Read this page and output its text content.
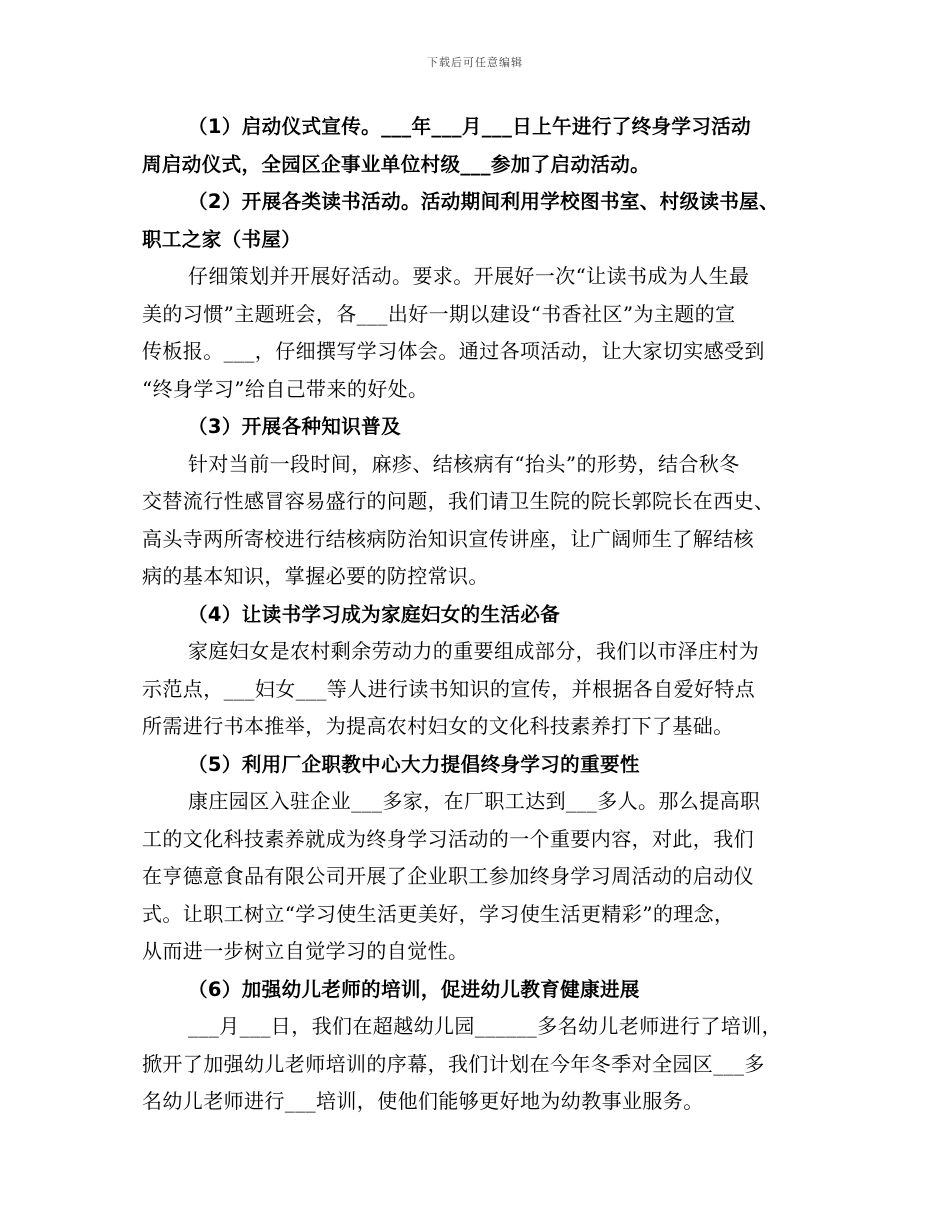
下载后可任意编辑
（1）启动仪式宣传。___年___月___日上午进行了终身学习活动
周启动仪式，全园区企事业单位村级___参加了启动活动。
（2）开展各类读书活动。活动期间利用学校图书室、村级读书屋、
职工之家（书屋）
仔细策划并开展好活动。要求。开展好一次“让读书成为人生最
美的习惯”主题班会，各___出好一期以建设“书香社区”为主题的宣
传板报。___，仔细撰写学习体会。通过各项活动，让大家切实感受到
“终身学习”给自己带来的好处。
（3）开展各种知识普及
针对当前一段时间，麻疹、结核病有“抬头”的形势，结合秋冬
交替流行性感冒容易盛行的问题，我们请卫生院的院长郭院长在西史、
高头寺两所寄校进行结核病防治知识宣传讲座，让广阔师生了解结核
病的基本知识，掌握必要的防控常识。
（4）让读书学习成为家庭妇女的生活必备
家庭妇女是农村剩余劳动力的重要组成部分，我们以市泽庄村为
示范点，___妇女___等人进行读书知识的宣传，并根据各自爱好特点
所需进行书本推举，为提高农村妇女的文化科技素养打下了基础。
（5）利用厂企职教中心大力提倡终身学习的重要性
康庄园区入驻企业___多家，在厂职工达到___多人。那么提高职
工的文化科技素养就成为终身学习活动的一个重要内容，对此，我们
在亨德意食品有限公司开展了企业职工参加终身学习周活动的启动仪
式。让职工树立“学习使生活更美好，学习使生活更精彩”的理念，
从而进一步树立自觉学习的自觉性。
（6）加强幼儿老师的培训，促进幼儿教育健康进展
___月___日，我们在超越幼儿园______多名幼儿老师进行了培训，
掀开了加强幼儿老师培训的序幕，我们计划在今年冬季对全园区___多
名幼儿老师进行___培训，使他们能够更好地为幼教事业服务。
